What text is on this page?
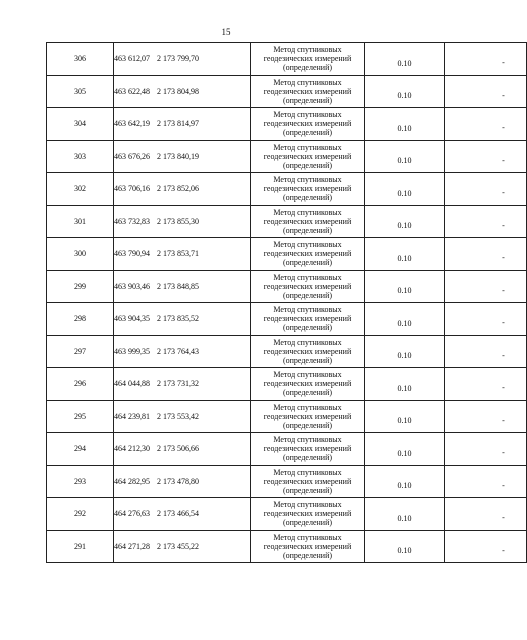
15
306	463 612,07 2 173 799,70	Метод спутниковых
геодезических измерений
(определений)	0.10	-

305	463 622,48 2 173 804,98	Метод спутниковых
геодезических измерений
(определений)	0.10	-

304	463 642,19 2 173 814,97	Метод спутниковых
геодезических измерений
(определений)	0.10	-

303	463 676,26 2 173 840,19	Метод спутниковых
геодезических измерений
(определений)	0.10	-

302	463 706,16 2 173 852,06	Метод спутниковых
геодезических измерений
(определений)	0.10	-

301	463 732,83 2 173 855,30	Метод спутниковых
геодезических измерений
(определений)	0.10	-

300	463 790,94 2 173 853,71	Метод спутниковых
геодезических измерений
(определений)	0.10	-

299	463 903,46 2 173 848,85	Метод спутниковых
геодезических измерений
(определений)	0.10	-

298	463 904,35 2 173 835,52	Метод спутниковых
геодезических измерений
(определений)	0.10	-

297	463 999,35 2 173 764,43	Метод спутниковых
геодезических измерений
(определений)	0.10	-

296	464 044,88 2 173 731,32	Метод спутниковых
геодезических измерений
(определений)	0.10	-

295	464 239,81 2 173 553,42	Метод спутниковых
геодезических измерений
(определений)	0.10	-

294	464 212,30 2 173 506,66	Метод спутниковых
геодезических измерений
(определений)	0.10	-

293	464 282,95 2 173 478,80	Метод спутниковых
геодезических измерений
(определений)	0.10	-

292	464 276,63 2 173 466,54	Метод спутниковых
геодезических измерений
(определений)	0.10	-

291	464 271,28 2 173 455,22	Метод спутниковых
геодезических измерений
(определений)	0.10	-
